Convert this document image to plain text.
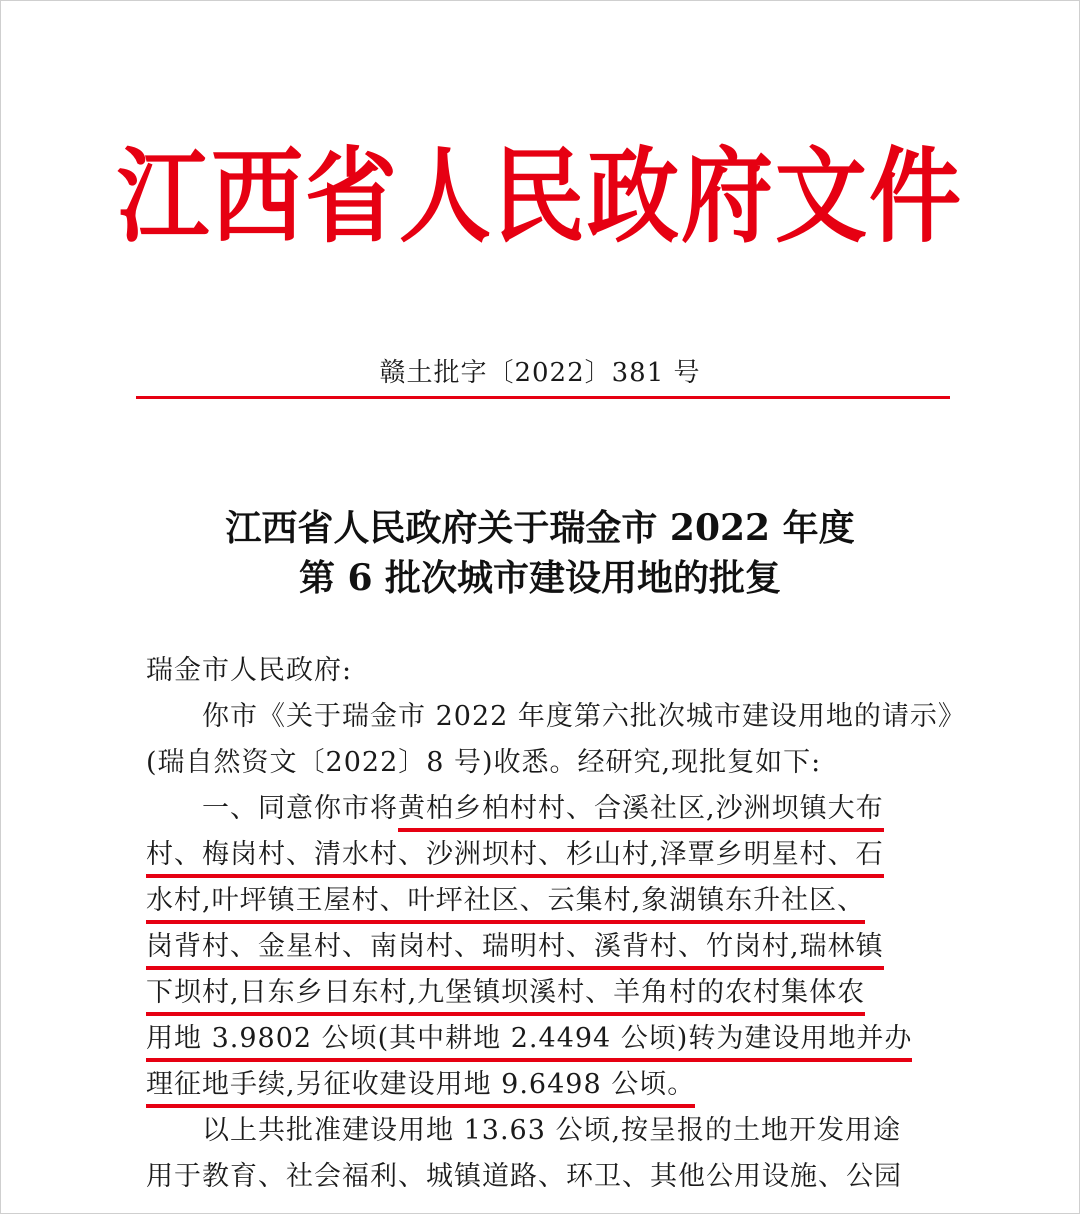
江西省人民政府文件
赣土批字〔2022〕381 号
江西省人民政府关于瑞金市 2022 年度
第 6 批次城市建设用地的批复
瑞金市人民政府:
　　你市《关于瑞金市 2022 年度第六批次城市建设用地的请示》
(瑞自然资文〔2022〕8 号)收悉。经研究,现批复如下:
　　一、同意你市将黄柏乡柏村村、合溪社区,沙洲坝镇大布
村、梅岗村、清水村、沙洲坝村、杉山村,泽覃乡明星村、石
水村,叶坪镇王屋村、叶坪社区、云集村,象湖镇东升社区、
岗背村、金星村、南岗村、瑞明村、溪背村、竹岗村,瑞林镇
下坝村,日东乡日东村,九堡镇坝溪村、羊角村的农村集体农
用地 3.9802 公顷(其中耕地 2.4494 公顷)转为建设用地并办
理征地手续,另征收建设用地 9.6498 公顷。
　　以上共批准建设用地 13.63 公顷,按呈报的土地开发用途
用于教育、社会福利、城镇道路、环卫、其他公用设施、公园
